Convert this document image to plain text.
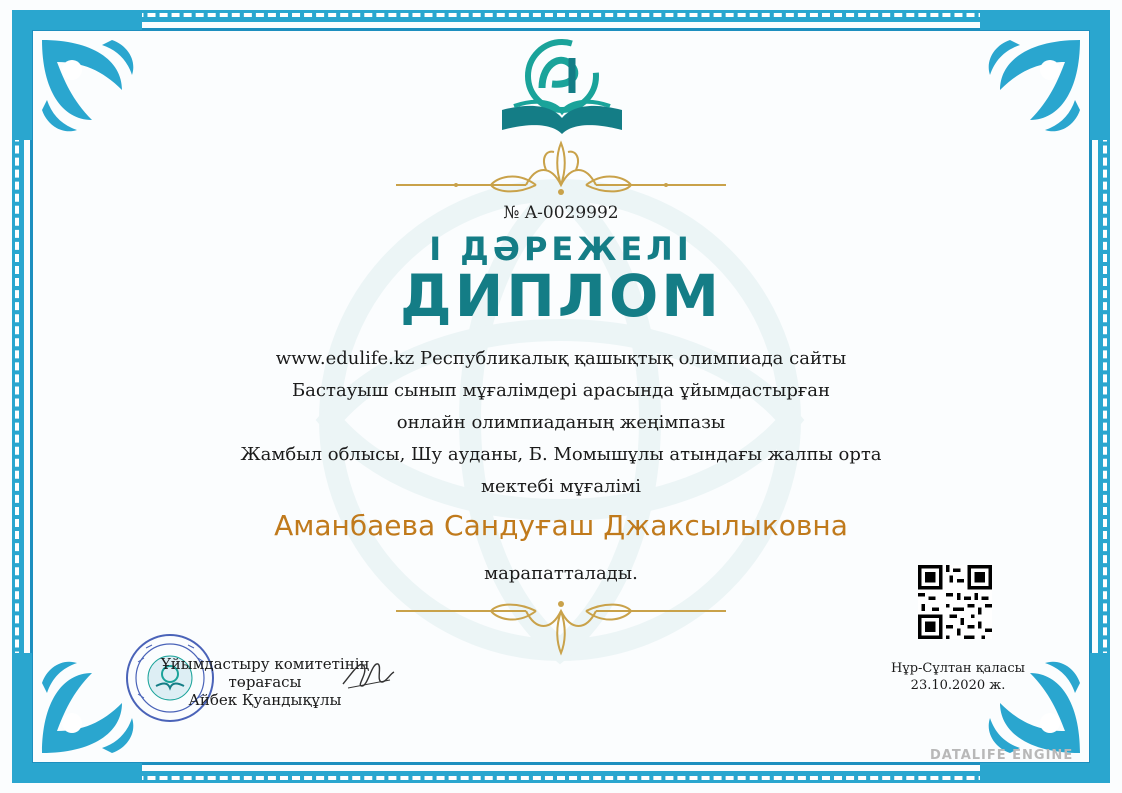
№ A-0029992
I ДӘРЕЖЕЛІ
ДИПЛОМ
www.edulife.kz Республикалық қашықтық олимпиада сайты
Бастауыш сынып мұғалімдері арасында ұйымдастырған
онлайн олимпиаданың жеңімпазы
Жамбыл облысы, Шу ауданы, Б. Момышұлы атындағы жалпы орта
мектебі мұғалімі
Аманбаева Сандуғаш Джаксылыковна
марапатталады.
Нұр-Сұлтан қаласы
23.10.2020 ж.
Ұйымдастыру комитетінің төрағасы
Айбек Қуандықұлы
DATALIFE ENGINE
